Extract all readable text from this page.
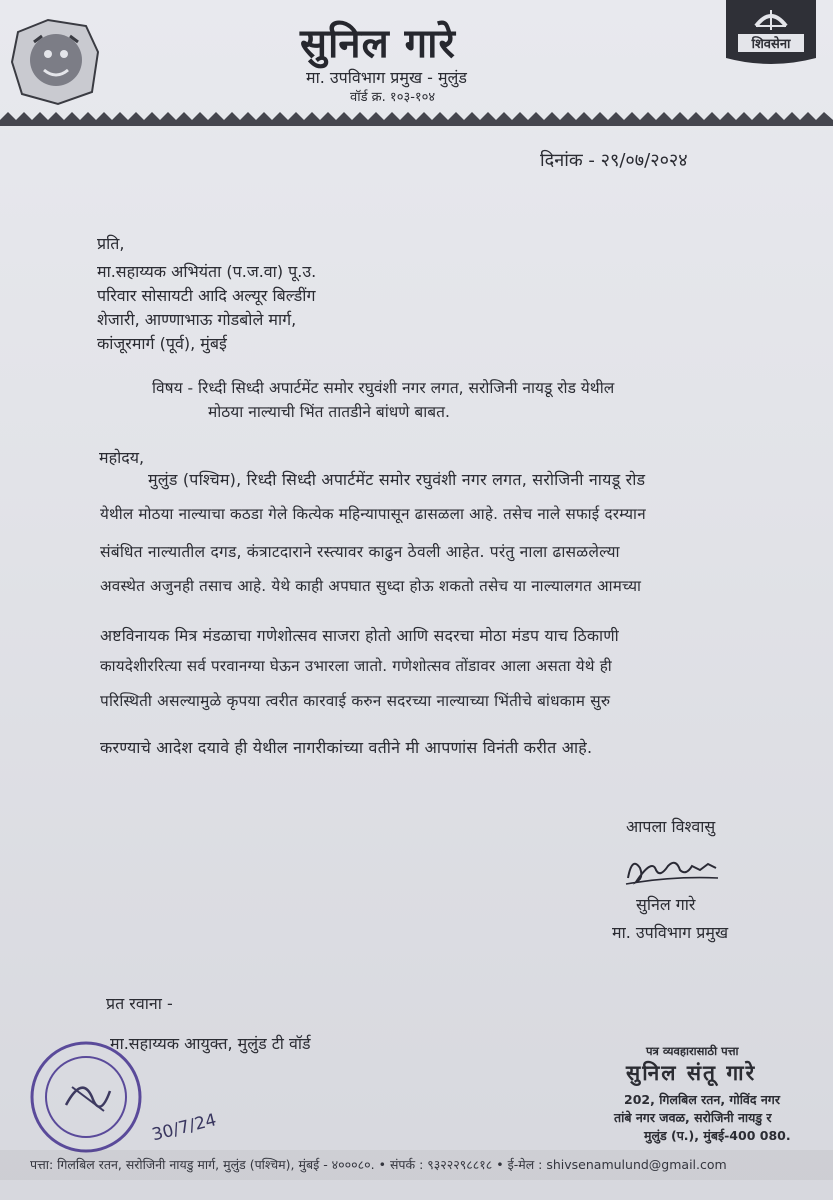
सुनिल गारे
मा. उपविभाग प्रमुख - मुलुंड
वॉर्ड क्र. १०३-१०४
शिवसेना
दिनांक - २९/०७/२०२४
प्रति,
मा.सहाय्यक अभियंता (प.ज.वा) पू.उ.
परिवार सोसायटी आदि अल्यूर बिल्डींग
शेजारी, आण्णाभाऊ गोडबोले मार्ग,
कांजूरमार्ग (पूर्व), मुंबई
विषय - रिध्दी सिध्दी अपार्टमेंट समोर रघुवंशी नगर लगत, सरोजिनी नायडू रोड येथील
मोठया नाल्याची भिंत तातडीने बांधणे बाबत.
महोदय,
मुलुंड (पश्चिम), रिध्दी सिध्दी अपार्टमेंट समोर रघुवंशी नगर लगत, सरोजिनी नायडू रोड
येथील मोठया नाल्याचा कठडा गेले कित्येक महिन्यापासून ढासळला आहे. तसेच नाले सफाई दरम्यान
संबंधित नाल्यातील दगड, कंत्राटदाराने रस्त्यावर काढुन ठेवली आहेत. परंतु नाला ढासळलेल्या
अवस्थेत अजुनही तसाच आहे. येथे काही अपघात सुध्दा होऊ शकतो तसेच या नाल्यालगत आमच्या
अष्टविनायक मित्र मंडळाचा गणेशोत्सव साजरा होतो आणि सदरचा मोठा मंडप याच ठिकाणी
कायदेशीररित्या सर्व परवानग्या घेऊन उभारला जातो. गणेशोत्सव तोंडावर आला असता येथे ही
परिस्थिती असल्यामुळे कृपया त्वरीत कारवाई करुन सदरच्या नाल्याच्या भिंतीचे बांधकाम सुरु
करण्याचे आदेश दयावे ही येथील नागरीकांच्या वतीने मी आपणांस विनंती करीत आहे.
आपला विश्वासु
सुनिल गारे
मा. उपविभाग प्रमुख
प्रत रवाना -
मा.सहाय्यक आयुक्त, मुलुंड टी वॉर्ड
30/7/24
पत्र व्यवहारासाठी पत्ता
सुनिल संतू गारे
202, गिलबिल रतन, गोविंद नगर
तांबे नगर जवळ, सरोजिनी नायडु र
मुलुंड (प.), मुंबई-400 080.
पत्ता: गिलबिल रतन, सरोजिनी नायडु मार्ग, मुलुंड (पश्चिम), मुंबई - ४०००८०. • संपर्क : ९३२२२९८८१८ • ई-मेल : shivsenamulund@gmail.com
